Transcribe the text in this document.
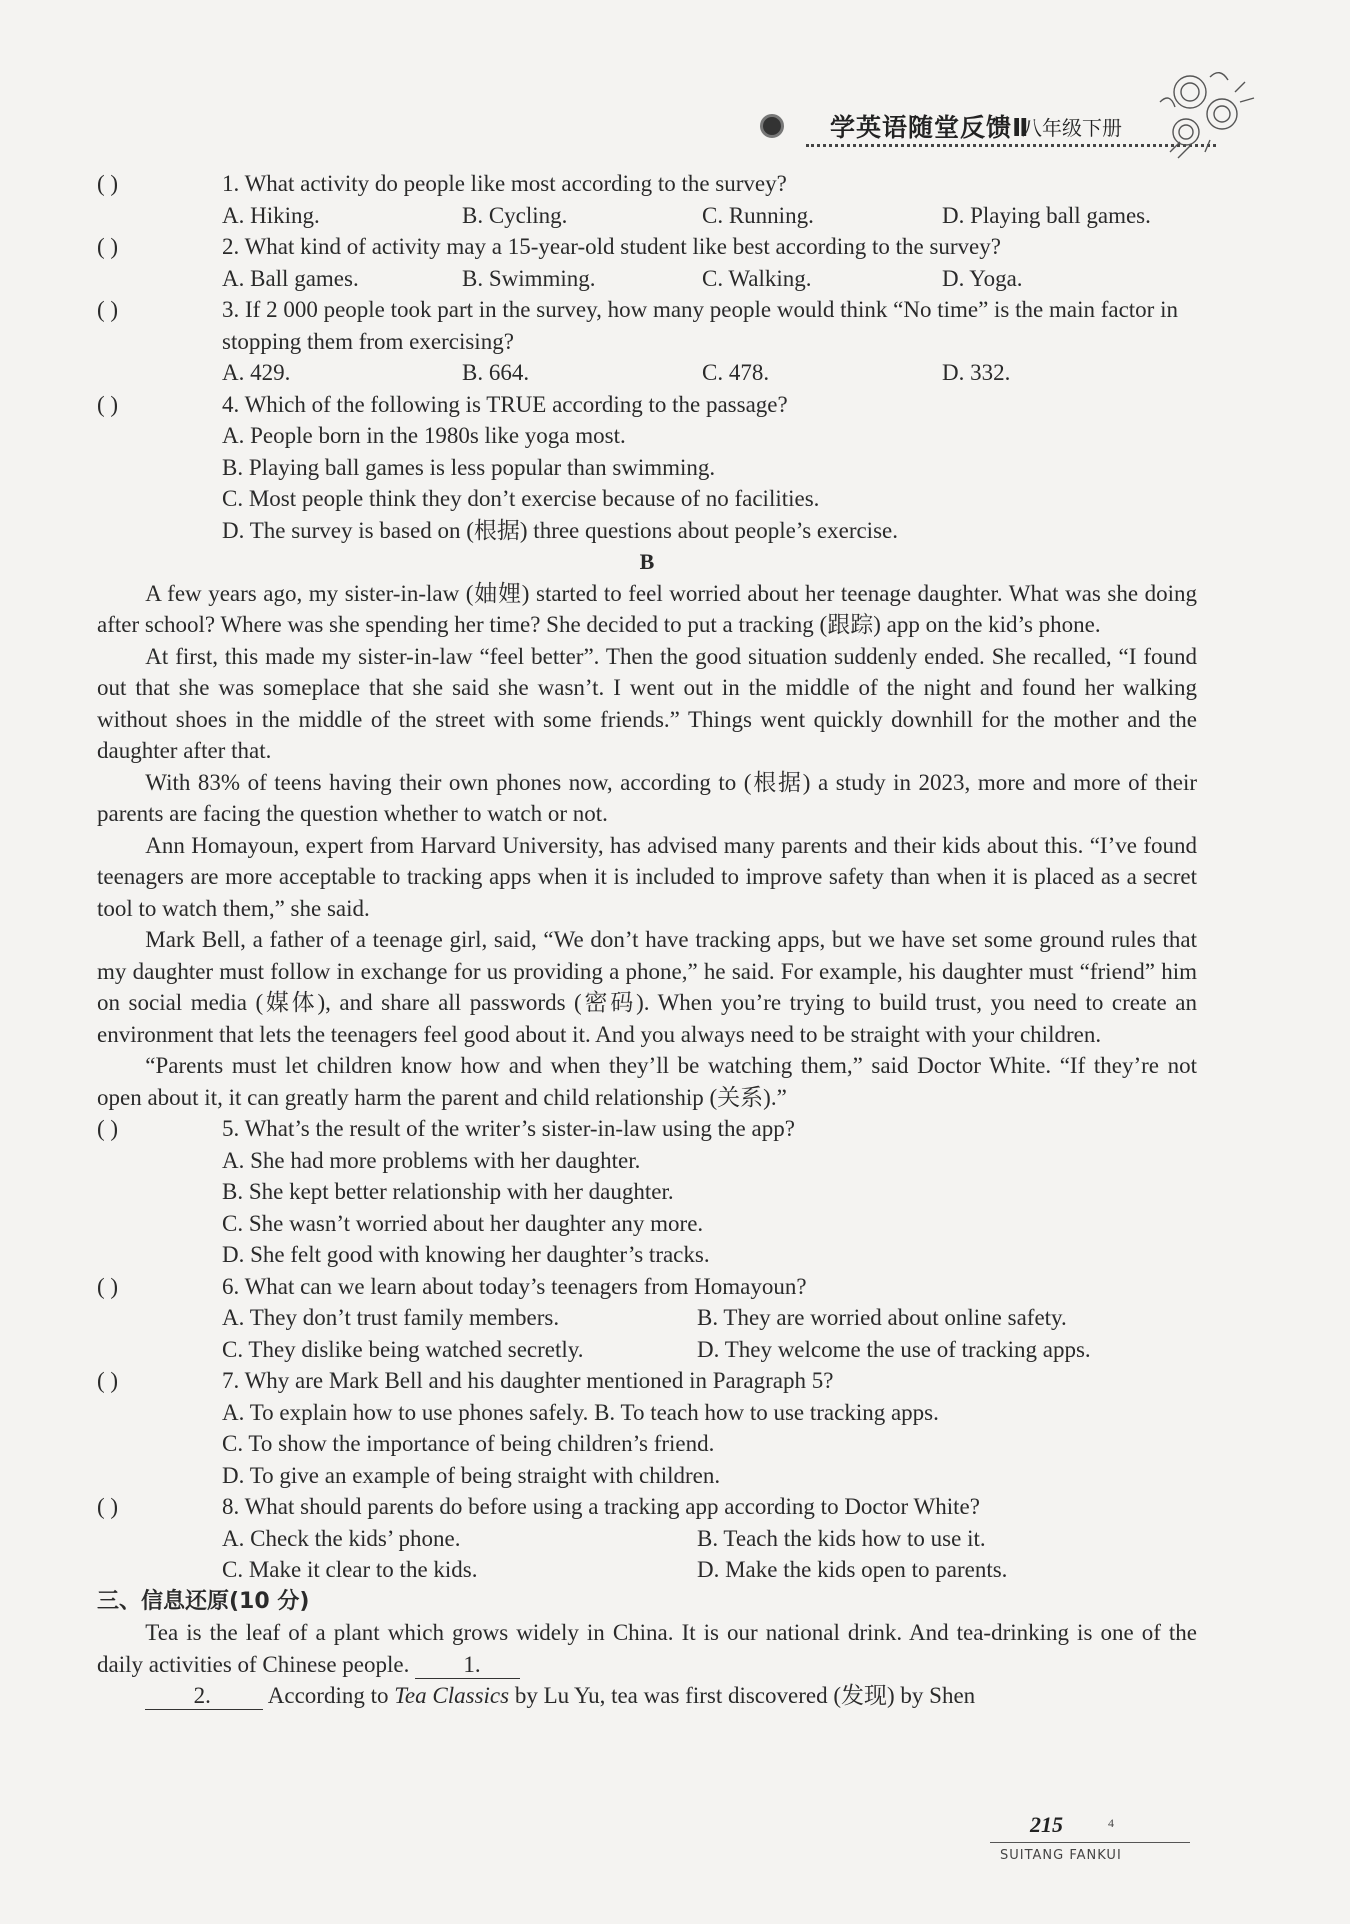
学英语随堂反馈Ⅱ
八年级下册
( )	1. What activity do people like most according to the survey?
A. Hiking.	B. Cycling.	C. Running.	D. Playing ball games.
( )	2. What kind of activity may a 15-year-old student like best according to the survey?
A. Ball games.	B. Swimming.	C. Walking.	D. Yoga.
( )	3. If 2 000 people took part in the survey, how many people would think “No time” is the main factor in stopping them from exercising?
A. 429.	B. 664.	C. 478.	D. 332.
( )	4. Which of the following is TRUE according to the passage?
A. People born in the 1980s like yoga most.
B. Playing ball games is less popular than swimming.
C. Most people think they don’t exercise because of no facilities.
D. The survey is based on (根据) three questions about people’s exercise.
B
A few years ago, my sister-in-law (妯娌) started to feel worried about her teenage daughter. What was she doing after school? Where was she spending her time? She decided to put a tracking (跟踪) app on the kid’s phone.
At first, this made my sister-in-law “feel better”. Then the good situation suddenly ended. She recalled, “I found out that she was someplace that she said she wasn’t. I went out in the middle of the night and found her walking without shoes in the middle of the street with some friends.” Things went quickly downhill for the mother and the daughter after that.
With 83% of teens having their own phones now, according to (根据) a study in 2023, more and more of their parents are facing the question whether to watch or not.
Ann Homayoun, expert from Harvard University, has advised many parents and their kids about this. “I’ve found teenagers are more acceptable to tracking apps when it is included to improve safety than when it is placed as a secret tool to watch them,” she said.
Mark Bell, a father of a teenage girl, said, “We don’t have tracking apps, but we have set some ground rules that my daughter must follow in exchange for us providing a phone,” he said. For example, his daughter must “friend” him on social media (媒体), and share all passwords (密码). When you’re trying to build trust, you need to create an environment that lets the teenagers feel good about it. And you always need to be straight with your children.
“Parents must let children know how and when they’ll be watching them,” said Doctor White. “If they’re not open about it, it can greatly harm the parent and child relationship (关系).”
( )	5. What’s the result of the writer’s sister-in-law using the app?
A. She had more problems with her daughter.
B. She kept better relationship with her daughter.
C. She wasn’t worried about her daughter any more.
D. She felt good with knowing her daughter’s tracks.
( )	6. What can we learn about today’s teenagers from Homayoun?
A. They don’t trust family members.	B. They are worried about online safety.
C. They dislike being watched secretly.	D. They welcome the use of tracking apps.
( )	7. Why are Mark Bell and his daughter mentioned in Paragraph 5?
A. To explain how to use phones safely. B. To teach how to use tracking apps.
C. To show the importance of being children’s friend.
D. To give an example of being straight with children.
( )	8. What should parents do before using a tracking app according to Doctor White?
A. Check the kids’ phone.	B. Teach the kids how to use it.
C. Make it clear to the kids.	D. Make the kids open to parents.
三、信息还原(10 分)
Tea is the leaf of a plant which grows widely in China. It is our national drink. And tea-drinking is one of the daily activities of Chinese people. 1.
2. According to Tea Classics by Lu Yu, tea was first discovered (发现) by Shen
215	4
SUITANG FANKUI
